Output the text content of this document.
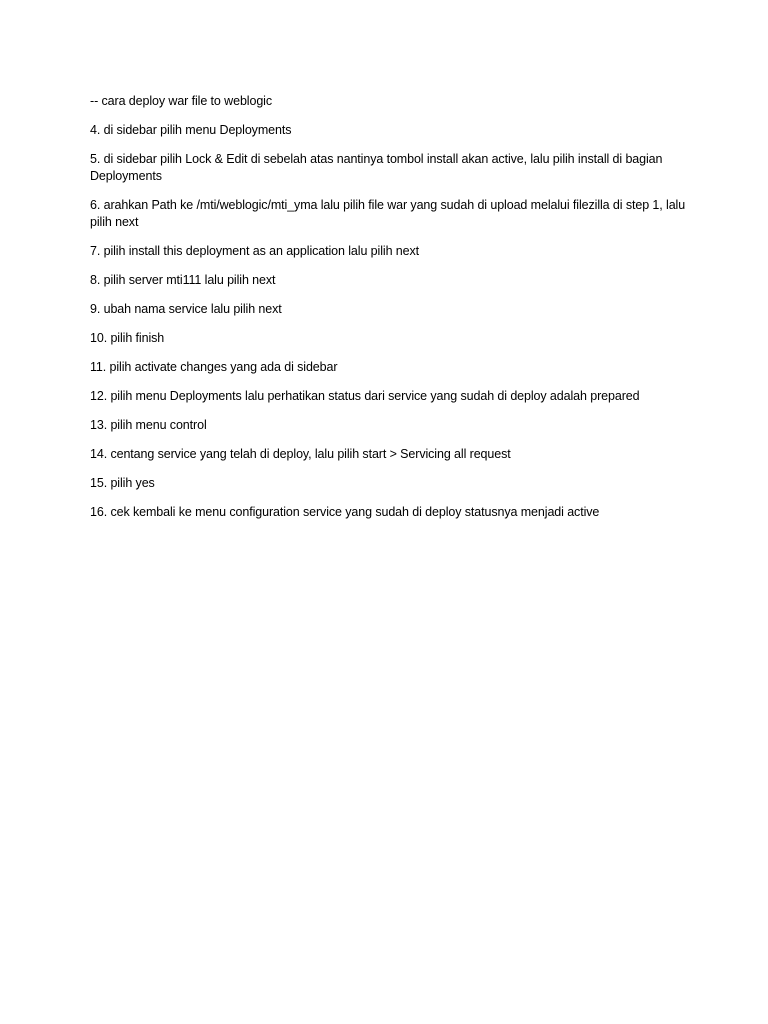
-- cara deploy war file to weblogic

4. di sidebar pilih menu Deployments

5. di sidebar pilih Lock & Edit di sebelah atas nantinya tombol install akan active, lalu pilih install di bagian Deployments

6. arahkan Path ke /mti/weblogic/mti_yma lalu pilih file war yang sudah di upload melalui filezilla di step 1, lalu pilih next

7. pilih install this deployment as an application lalu pilih next

8. pilih server mti111 lalu pilih next

9. ubah nama service lalu pilih next

10. pilih finish

11. pilih activate changes yang ada di sidebar

12. pilih menu Deployments lalu perhatikan status dari service yang sudah di deploy adalah prepared

13. pilih menu control

14. centang service yang telah di deploy, lalu pilih start > Servicing all request

15. pilih yes

16. cek kembali ke menu configuration service yang sudah di deploy statusnya menjadi active
